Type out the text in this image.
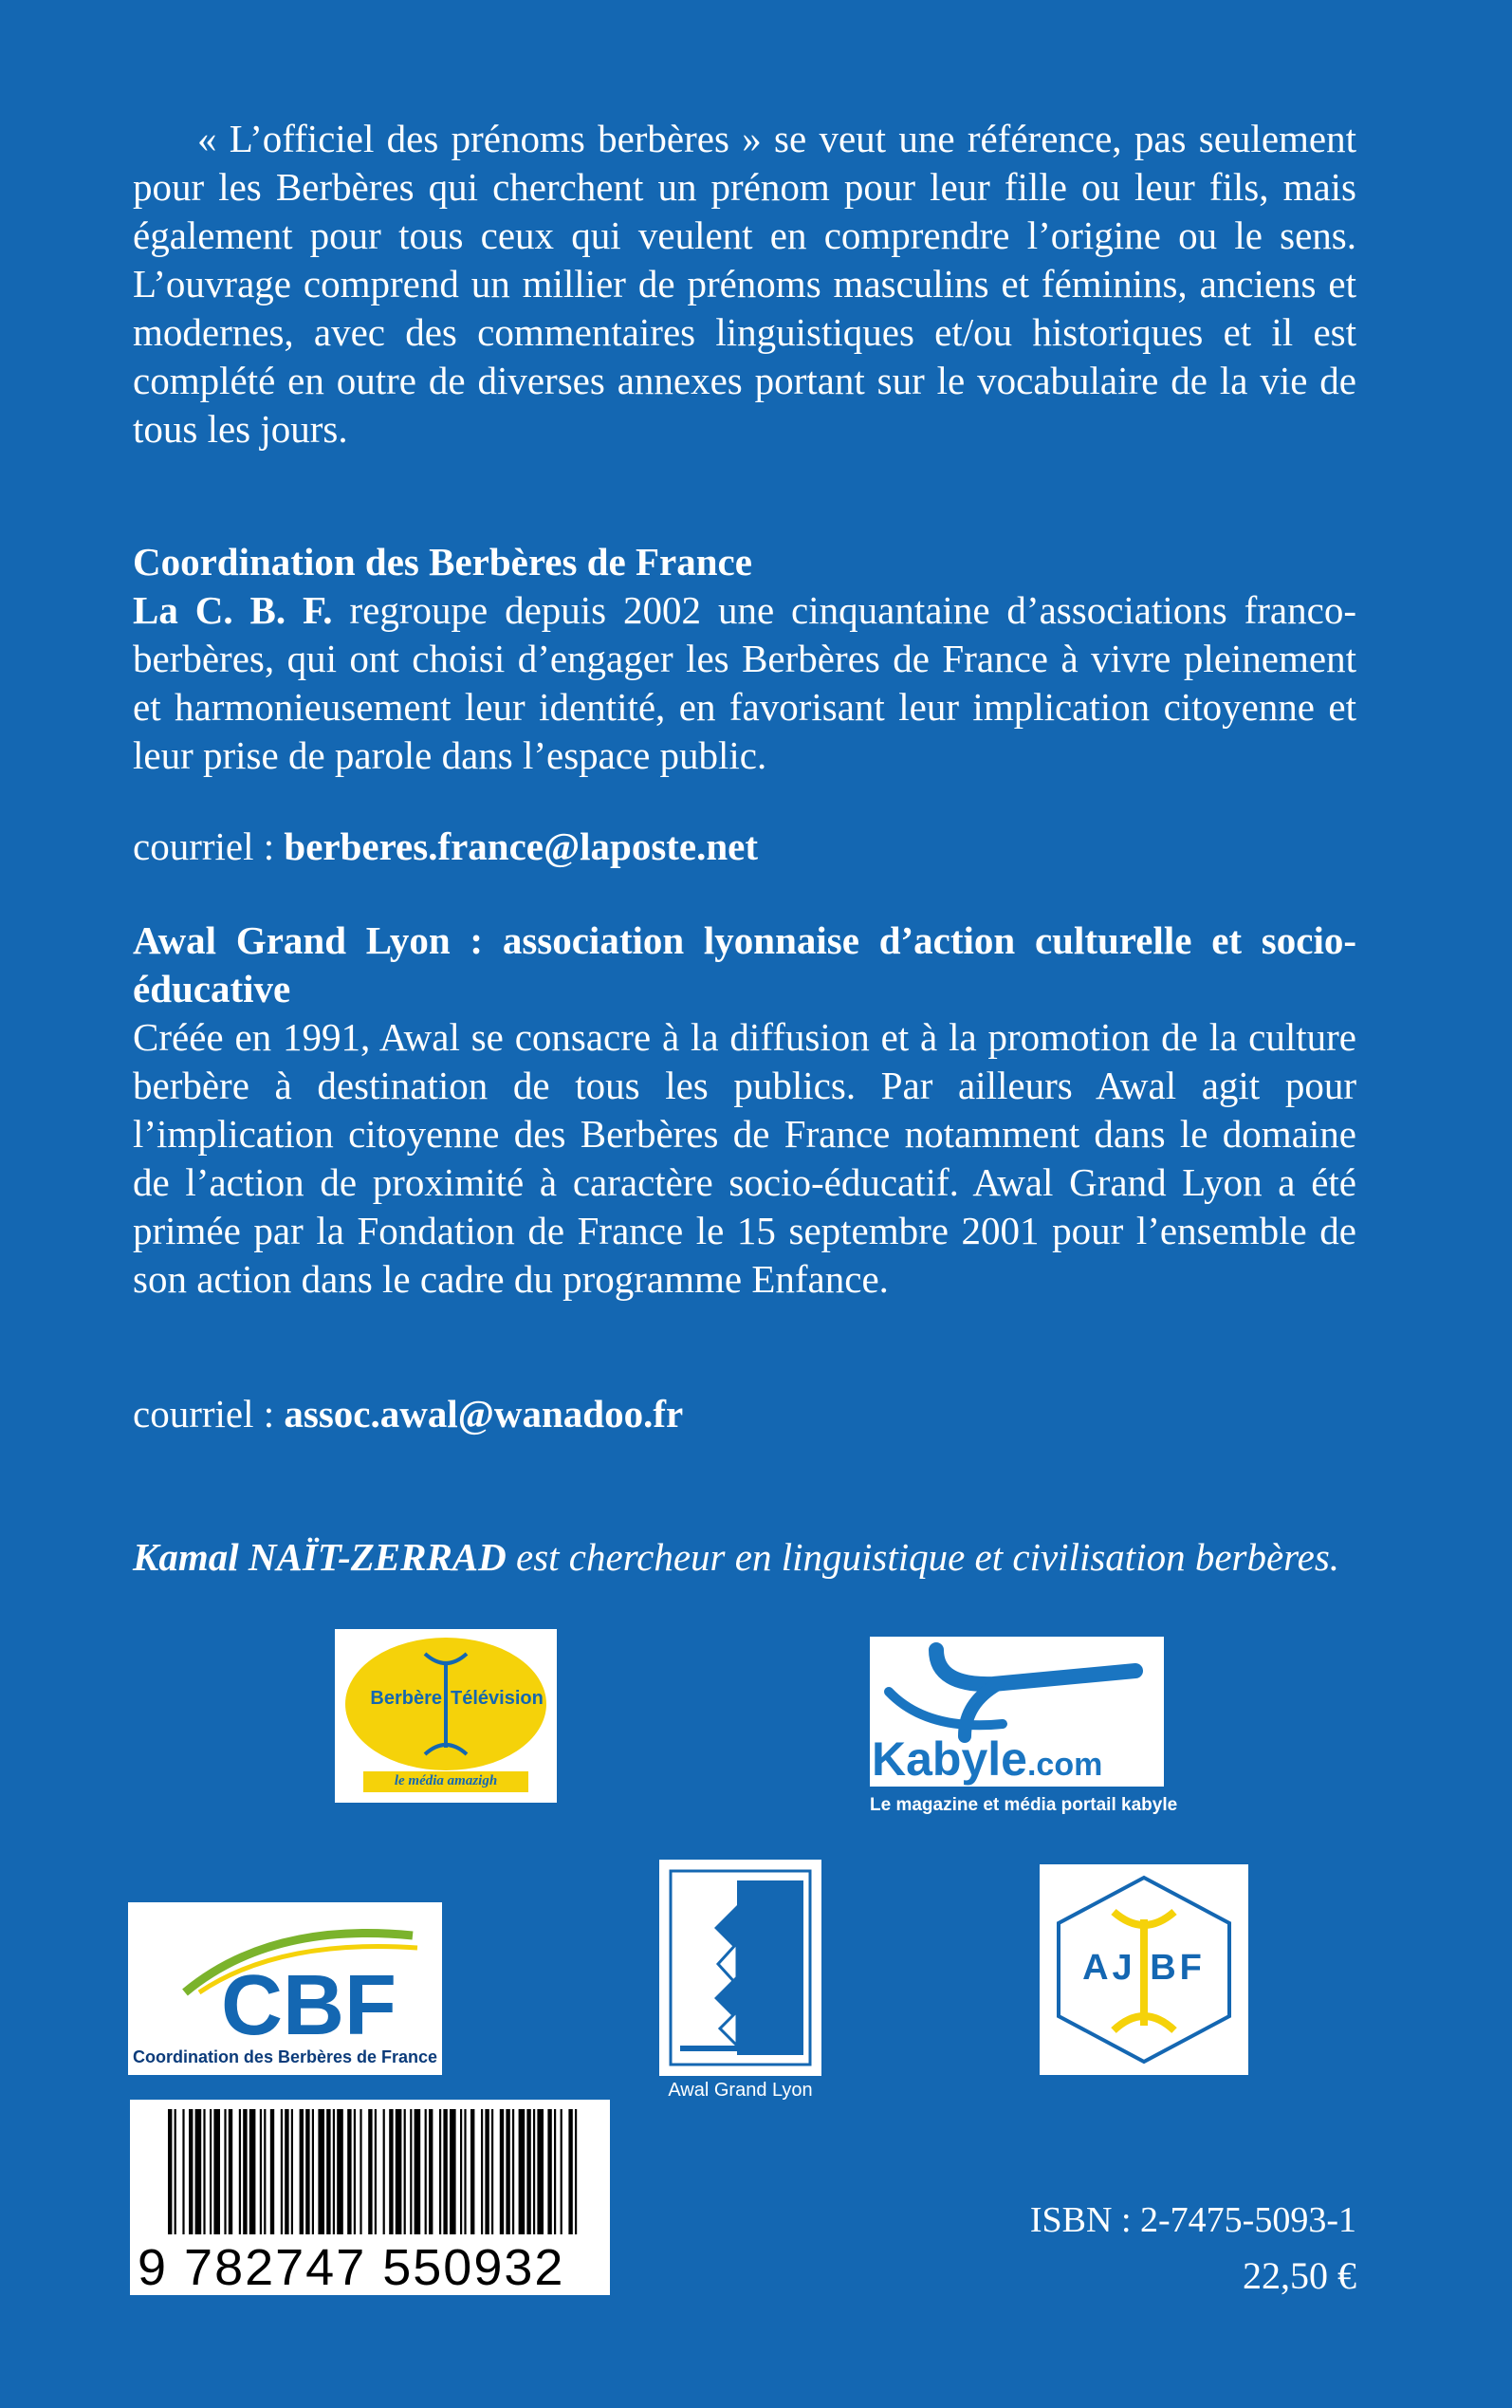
« L’officiel des prénoms berbères » se veut une référence, pas seulement pour les Berbères qui cherchent un prénom pour leur fille ou leur fils, mais également pour tous ceux qui veulent en comprendre l’origine ou le sens. L’ouvrage comprend un millier de prénoms masculins et féminins, anciens et modernes, avec des commentaires linguistiques et/ou historiques et il est complété en outre de diverses annexes portant sur le vocabulaire de la vie de tous les jours.

Coordination des Berbères de France

La C. B. F. regroupe depuis 2002 une cinquantaine d’associations franco-berbères, qui ont choisi d’engager les Berbères de France à vivre pleinement et harmonieusement leur identité, en favorisant leur implication citoyenne et leur prise de parole dans l’espace public.

courriel : berberes.france@laposte.net

Awal Grand Lyon : association lyonnaise d’action culturelle et socio-éducative

Créée en 1991, Awal se consacre à la diffusion et à la promotion de la culture berbère à destination de tous les publics. Par ailleurs Awal agit pour l’implication citoyenne des Berbères de France notamment dans le domaine de l’action de proximité à caractère socio-éducatif. Awal Grand Lyon a été primée par la Fondation de France le 15 septembre 2001 pour l’ensemble de son action dans le cadre du programme Enfance.

courriel : assoc.awal@wanadoo.fr
Kamal NAÏT-ZERRAD est chercheur en linguistique et civilisation berbères.
Berbère Télévision
le média amazigh	Kabyle.com
Le magazine et média portail kabyle
CBF
Coordination des Berbères de France
Awal Grand Lyon
AJ BF
9 782747 550932
ISBN : 2-7475-5093-1
22,50 €
